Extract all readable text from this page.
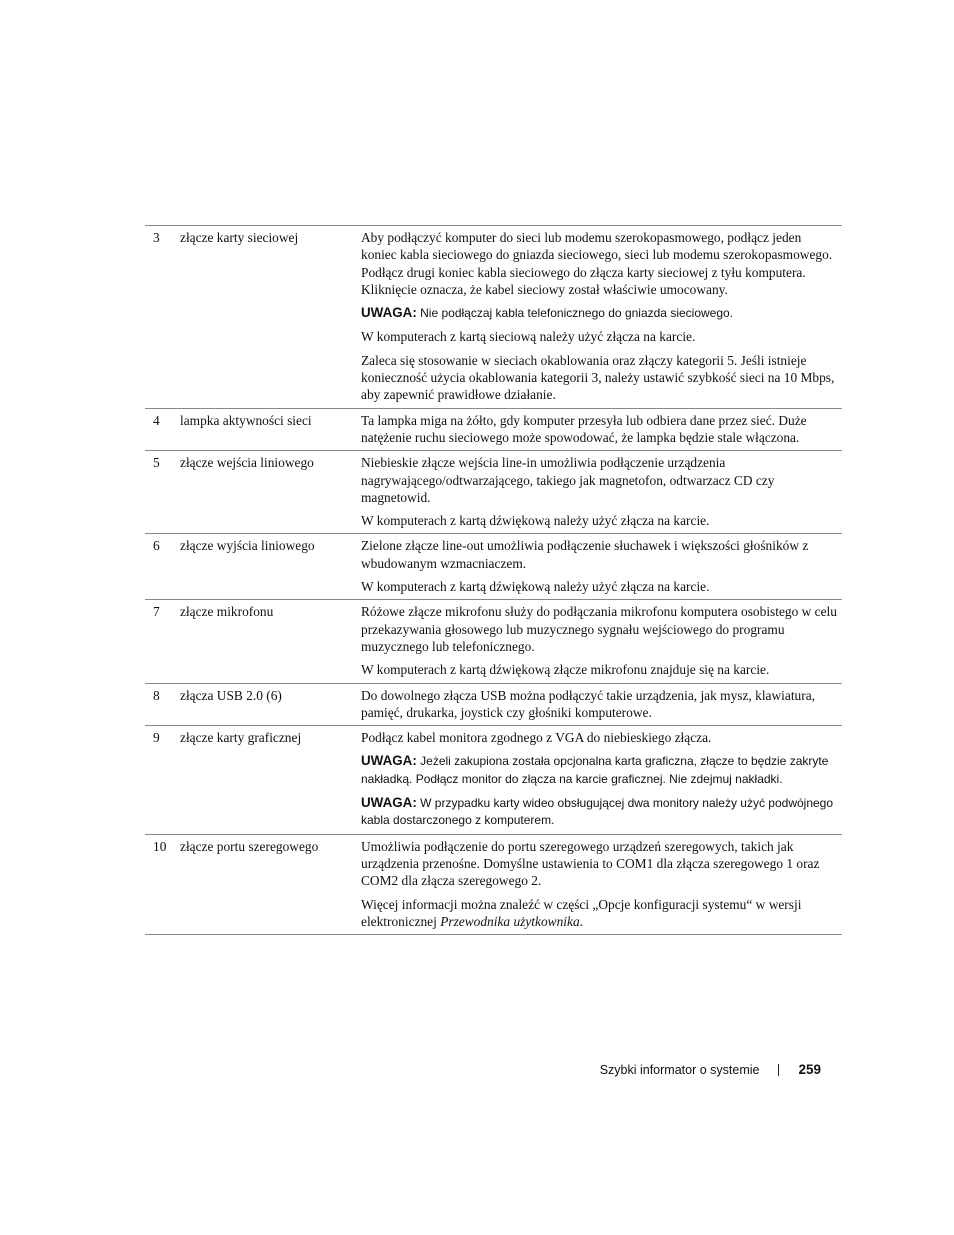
3	złącze karty sieciowej	Aby podłączyć komputer do sieci lub modemu szerokopasmowego, podłącz jeden koniec kabla sieciowego do gniazda sieciowego, sieci lub modemu szerokopasmowego. Podłącz drugi koniec kabla sieciowego do złącza karty sieciowej z tyłu komputera. Kliknięcie oznacza, że kabel sieciowy został właściwie umocowany.
UWAGA: Nie podłączaj kabla telefonicznego do gniazda sieciowego.
W komputerach z kartą sieciową należy użyć złącza na karcie.
Zaleca się stosowanie w sieciach okablowania oraz złączy kategorii 5. Jeśli istnieje konieczność użycia okablowania kategorii 3, należy ustawić szybkość sieci na 10 Mbps, aby zapewnić prawidłowe działanie.

4	lampka aktywności sieci	Ta lampka miga na żółto, gdy komputer przesyła lub odbiera dane przez sieć. Duże natężenie ruchu sieciowego może spowodować, że lampka będzie stale włączona.

5	złącze wejścia liniowego	Niebieskie złącze wejścia line-in umożliwia podłączenie urządzenia nagrywającego/odtwarzającego, takiego jak magnetofon, odtwarzacz CD czy magnetowid.
W komputerach z kartą dźwiękową należy użyć złącza na karcie.

6	złącze wyjścia liniowego	Zielone złącze line-out umożliwia podłączenie słuchawek i większości głośników z wbudowanym wzmacniaczem.
W komputerach z kartą dźwiękową należy użyć złącza na karcie.

7	złącze mikrofonu	Różowe złącze mikrofonu służy do podłączania mikrofonu komputera osobistego w celu przekazywania głosowego lub muzycznego sygnału wejściowego do programu muzycznego lub telefonicznego.
W komputerach z kartą dźwiękową złącze mikrofonu znajduje się na karcie.

8	złącza USB 2.0 (6)	Do dowolnego złącza USB można podłączyć takie urządzenia, jak mysz, klawiatura, pamięć, drukarka, joystick czy głośniki komputerowe.

9	złącze karty graficznej	Podłącz kabel monitora zgodnego z VGA do niebieskiego złącza.
UWAGA: Jeżeli zakupiona została opcjonalna karta graficzna, złącze to będzie zakryte nakładką. Podłącz monitor do złącza na karcie graficznej. Nie zdejmuj nakładki.
UWAGA: W przypadku karty wideo obsługującej dwa monitory należy użyć podwójnego kabla dostarczonego z komputerem.

10	złącze portu szeregowego	Umożliwia podłączenie do portu szeregowego urządzeń szeregowych, takich jak urządzenia przenośne. Domyślne ustawienia to COM1 dla złącza szeregowego 1 oraz COM2 dla złącza szeregowego 2.
Więcej informacji można znaleźć w części „Opcje konfiguracji systemu“ w wersji elektronicznej Przewodnika użytkownika.
Szybki informator o systemie	259
